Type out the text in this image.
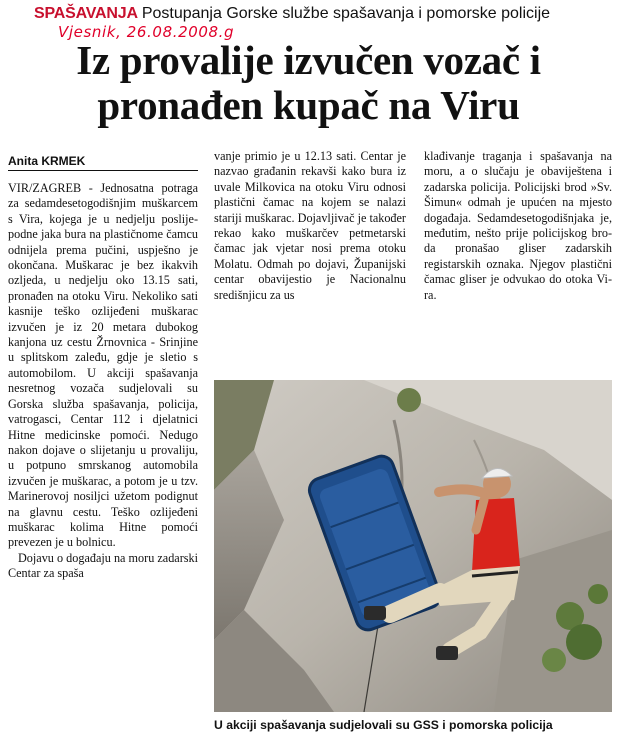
SPAŠAVANJA Postupanja Gorske službe spašavanja i pomorske policije
Vjesnik, 26.08.2008.g
Iz provalije izvučen vozač i
pronađen kupač na Viru
Anita KRMEK

VIR/ZAGREB - Jednosatna potraga za sedamdesetogodišnjim muškarcem s Vira, kojega je u nedjelju poslijepodne jaka bura na plastičnome čamcu odnijela prema pučini, uspješno je okončana. Muškarac je bez ikakvih ozljeda, u nedjelju oko 13.15 sati, pronađen na otoku Viru. Nekoliko sati kasnije teško ozlijeđeni muškarac izvučen je iz 20 metara dubokog kanjona uz cestu Žrnovnica - Srinjine u splitskom zaleđu, gdje je sletio s automobilom. U akciji spašavanja nesretnog vozača sudjelovali su Gorska služba spašavanja, policija, vatrogasci, Centar 112 i djelatnici Hitne medicinske pomoći. Nedugo nakon dojave o slijetanju u provaliju, u potpuno smrskanog automobila izvučen je muškarac, a potom je u tzv. Marinerovoj nosiljci užetom podignut na glavnu cestu. Teško ozlijeđeni muškarac kolima Hitne pomoći prevezen je u bolnicu.

Dojavu o događaju na moru zadarski Centar za spaša

vanje primio je u 12.13 sati. Centar je nazvao građanin rekavši kako bura iz uvale Milkovica na otoku Viru odnosi plastični čamac na kojem se nalazi stariji muškarac. Dojavljivač je također rekao kako muškarčev petmetarski čamac jak vjetar nosi prema otoku Molatu. Odmah po dojavi, Županijski centar obavijestio je Nacionalnu središnjicu za us

klađivanje traganja i spašavanja na moru, a o slučaju je obaviještena i zadarska policija. Policijski brod »Sv. Šimun« odmah je upućen na mjesto događaja. Sedamdesetogodišnjaka je, međutim, nešto prije policijskog broda pronašao gliser zadarskih registarskih oznaka. Njegov plastični čamac gliser je odvukao do otoka Vira.

U akciji spašavanja sudjelovali su GSS i pomorska policija
